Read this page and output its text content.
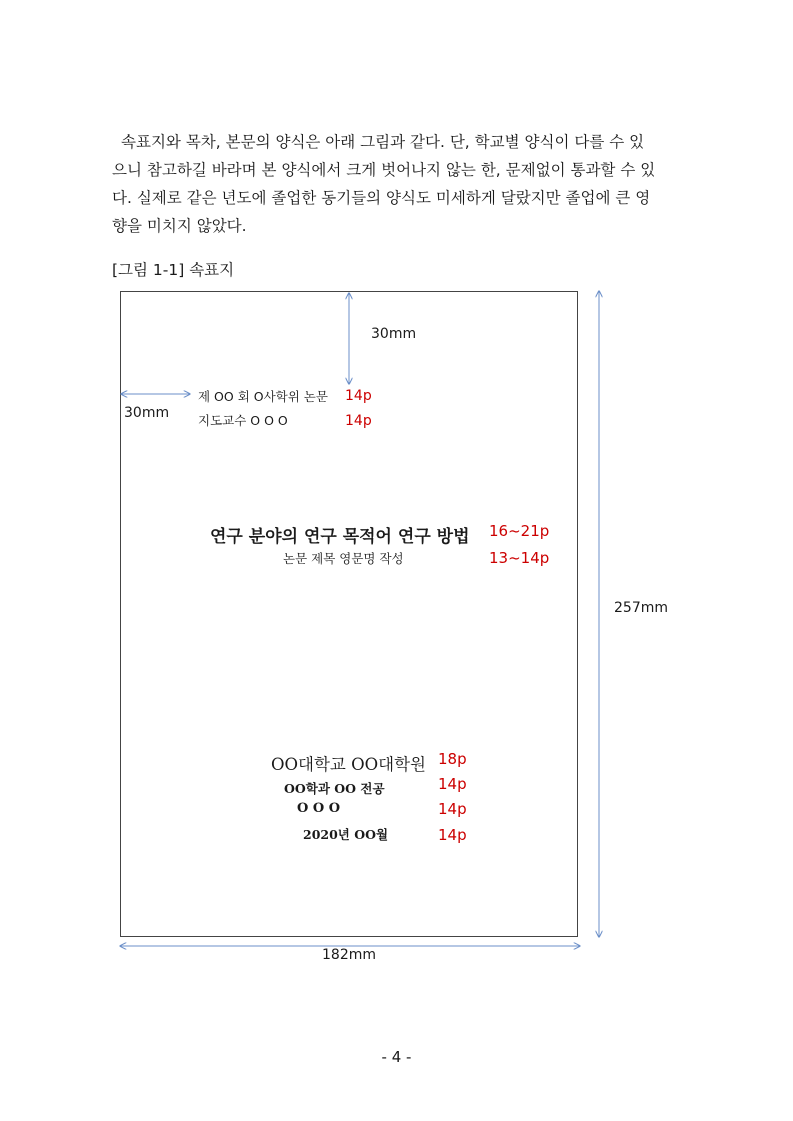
속표지와 목차, 본문의 양식은 아래 그림과 같다. 단, 학교별 양식이 다를 수 있
으니 참고하길 바라며 본 양식에서 크게 벗어나지 않는 한, 문제없이 통과할 수 있
다. 실제로 같은 년도에 졸업한 동기들의 양식도 미세하게 달랐지만 졸업에 큰 영
향을 미치지 않았다.
[그림 1-1] 속표지
30mm
30mm
257mm
182mm
제 OO 회 O사학위 논문 14p
지도교수 O O O	14p
연구 분야의 연구 목적어 연구 방법 16~21p
논문 제목 영문명 작성	13~14p
OO대학교 OO대학원 18p
OO학과 OO 전공	14p
O O O	14p
2020년 OO월	14p
- 4 -
